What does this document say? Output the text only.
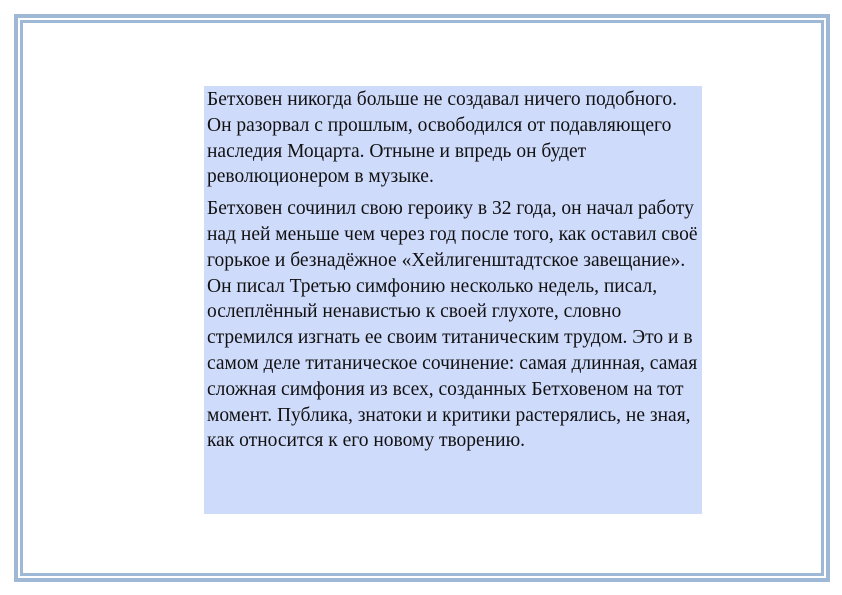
Бетховен никогда больше не создавал ничего подобного. Он разорвал с прошлым, освободился от подавляющего наследия Моцарта. Отныне и впредь он будет революционером в музыке.

Бетховен сочинил свою героику в 32 года, он начал работу над ней меньше чем через год после того, как оставил своё горькое и безнадёжное «Хейлигенштадтское завещание». Он писал Третью симфонию несколько недель, писал, ослеплённый ненавистью к своей глухоте, словно стремился изгнать ее своим титаническим трудом. Это и в самом деле титаническое сочинение: самая длинная, самая сложная симфония из всех, созданных Бетховеном на тот момент. Публика, знатоки и критики растерялись, не зная, как относится к его новому творению.
